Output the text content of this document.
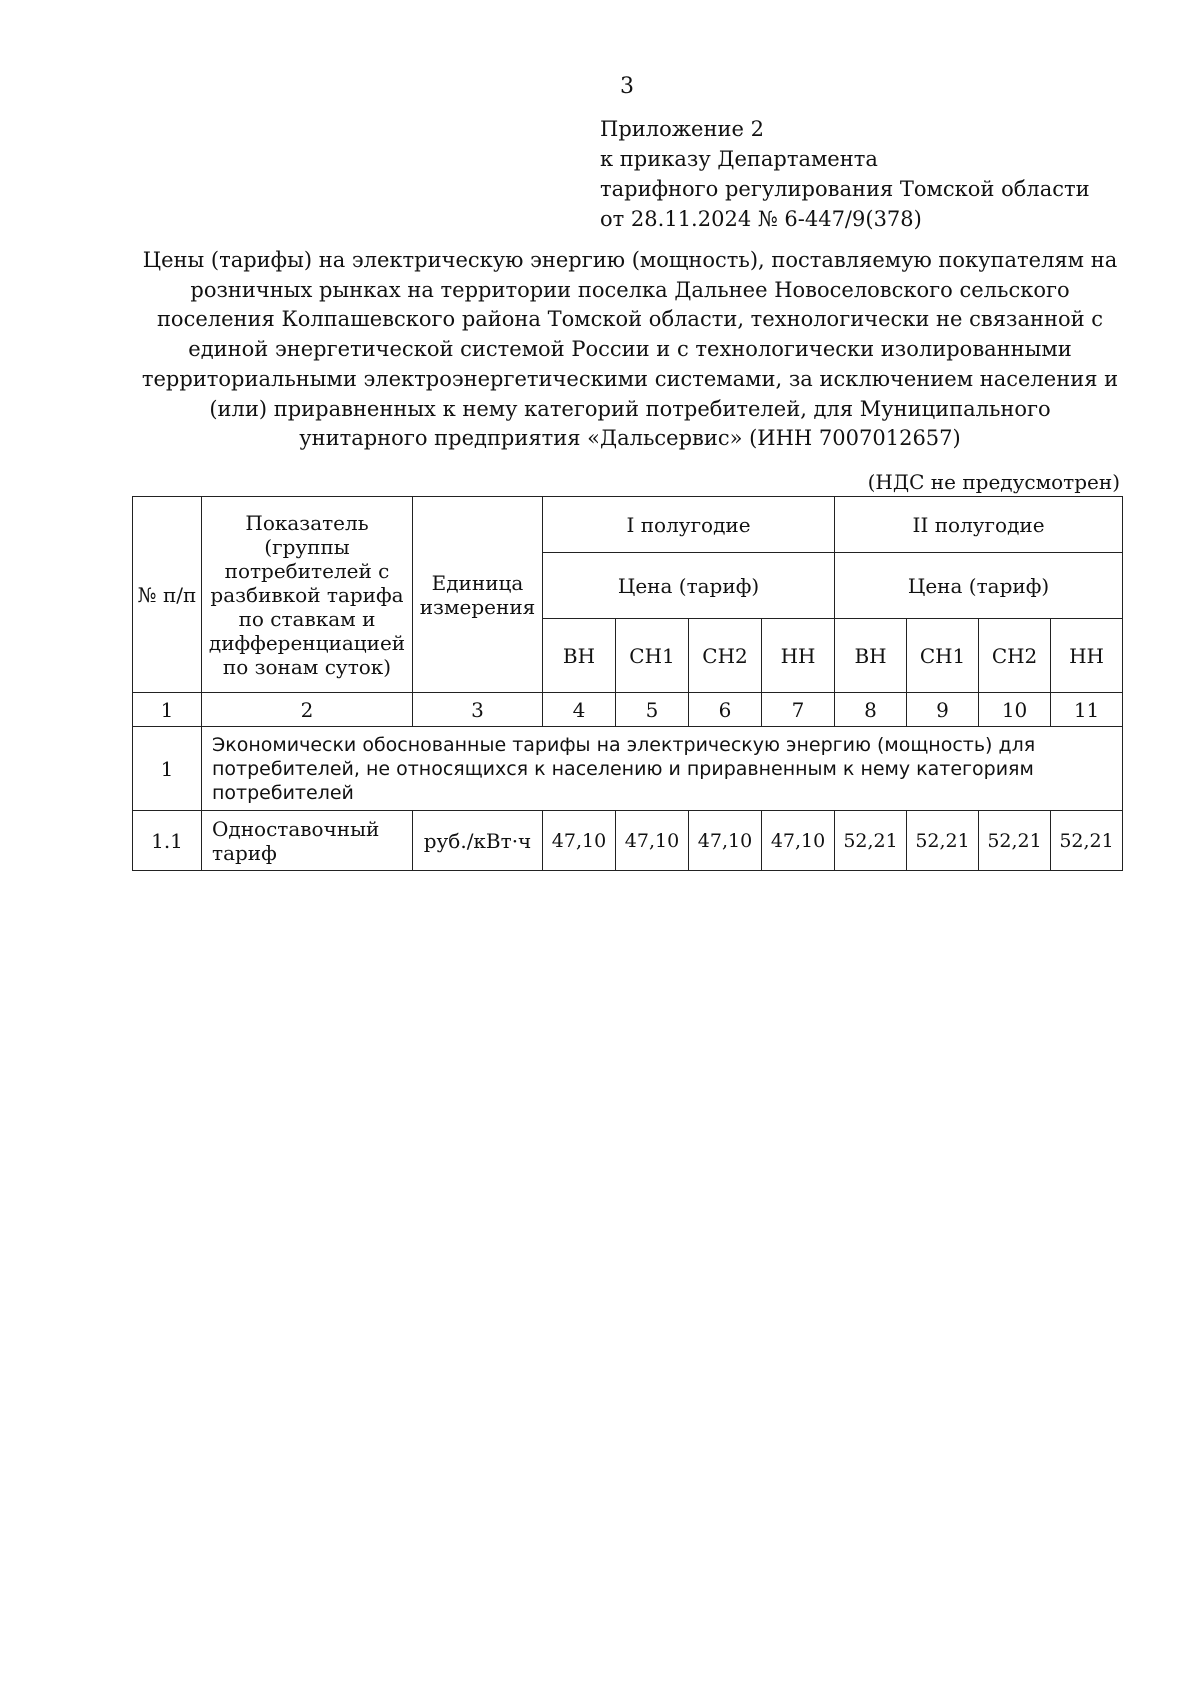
3
Приложение 2
к приказу Департамента
тарифного регулирования Томской области
от 28.11.2024 № 6-447/9(378)
Цены (тарифы) на электрическую энергию (мощность), поставляемую покупателям на
розничных рынках на территории поселка Дальнее Новоселовского сельского
поселения Колпашевского района Томской области, технологически не связанной с
единой энергетической системой России и с технологически изолированными
территориальными электроэнергетическими системами, за исключением населения и
(или) приравненных к нему категорий потребителей, для Муниципального
унитарного предприятия «Дальсервис» (ИНН 7007012657)
(НДС не предусмотрен)
№ п/п	Показатель (группы потребителей с разбивкой тарифа по ставкам и дифференциацией по зонам суток)	Единица измерения	I полугодие				II полугодие			
			Цена (тариф)				Цена (тариф)			
			ВН	СН1	СН2	НН	ВН	СН1	СН2	НН
1	2	3	4	5	6	7	8	9	10	11
1	Экономически обоснованные тарифы на электрическую энергию (мощность) для потребителей, не относящихся к населению и приравненным к нему категориям потребителей									
1.1	Одноставочный тариф	руб./кВт·ч	47,10	47,10	47,10	47,10	52,21	52,21	52,21	52,21
